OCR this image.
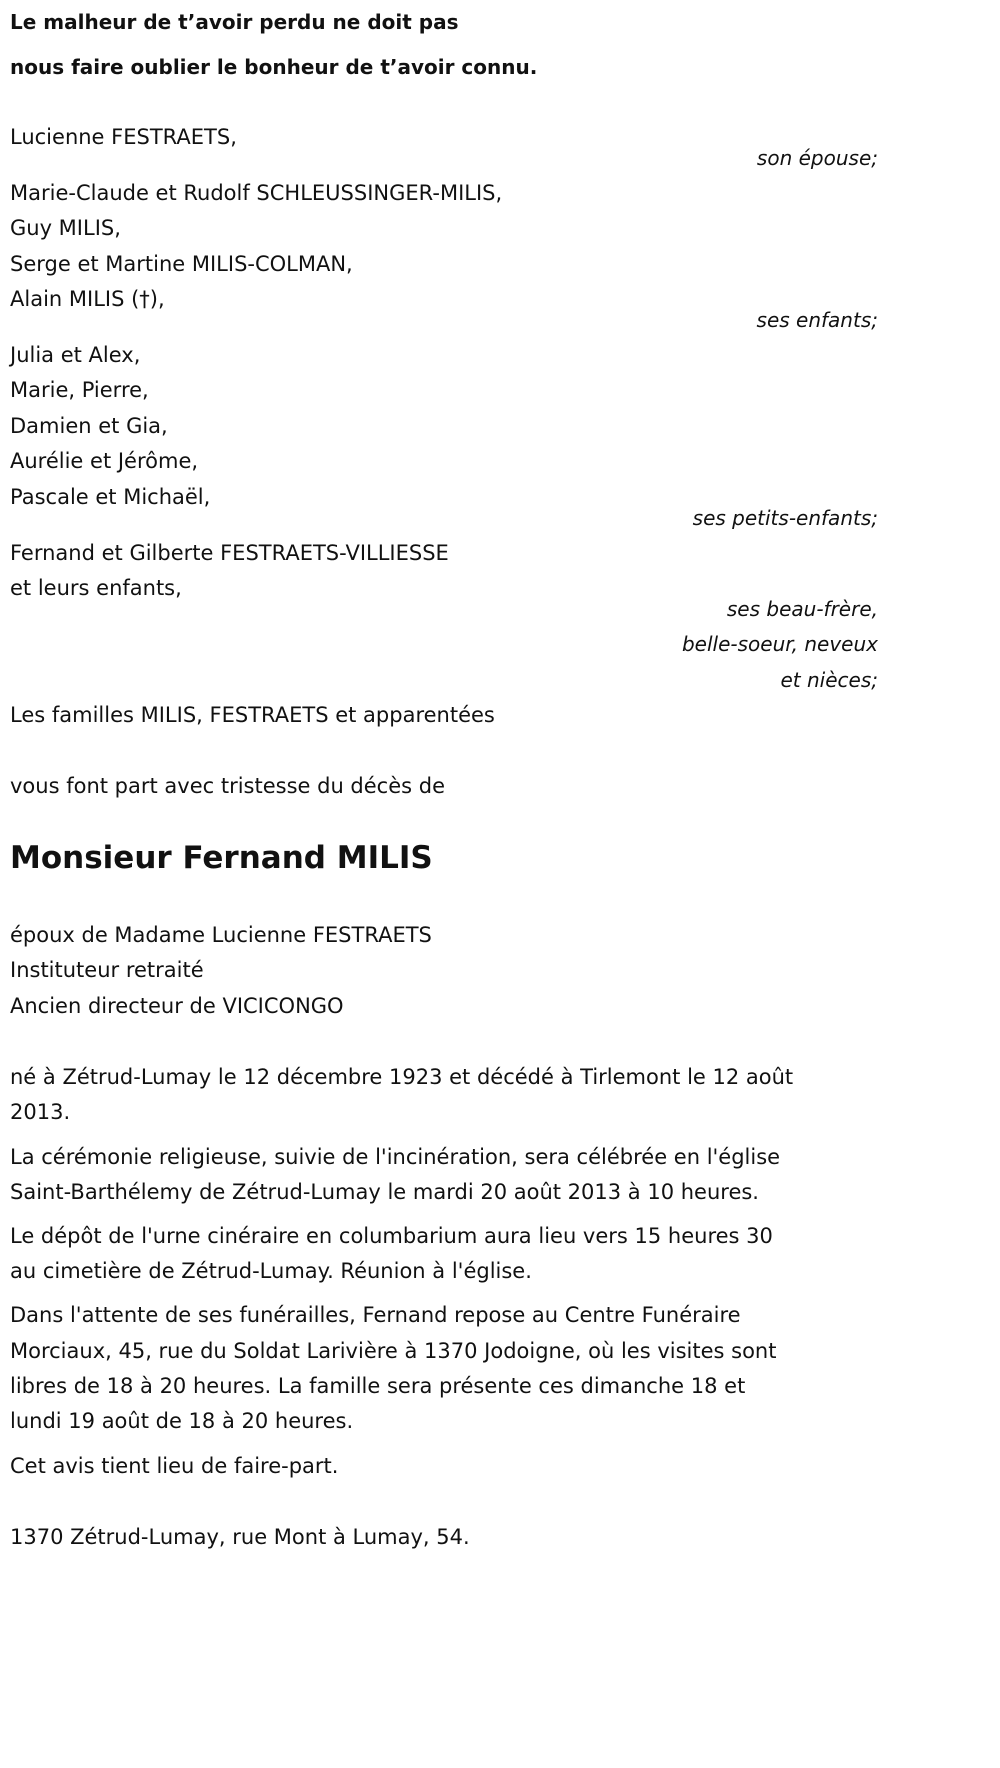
Le malheur de t’avoir perdu ne doit pas
nous faire oublier le bonheur de t’avoir connu.
Lucienne FESTRAETS,
son épouse;
Marie-Claude et Rudolf SCHLEUSSINGER-MILIS,
Guy MILIS,
Serge et Martine MILIS-COLMAN,
Alain MILIS (†),
ses enfants;
Julia et Alex,
Marie, Pierre,
Damien et Gia,
Aurélie et Jérôme,
Pascale et Michaël,
ses petits-enfants;
Fernand et Gilberte FESTRAETS-VILLIESSE
et leurs enfants,
ses beau-frère,
belle-soeur, neveux
et nièces;
Les familles MILIS, FESTRAETS et apparentées
vous font part avec tristesse du décès de
Monsieur Fernand MILIS
époux de Madame Lucienne FESTRAETS
Instituteur retraité
Ancien directeur de VICICONGO
né à Zétrud-Lumay le 12 décembre 1923 et décédé à Tirlemont le 12 août
2013.
La cérémonie religieuse, suivie de l'incinération, sera célébrée en l'église
Saint-Barthélemy de Zétrud-Lumay le mardi 20 août 2013 à 10 heures.
Le dépôt de l'urne cinéraire en columbarium aura lieu vers 15 heures 30
au cimetière de Zétrud-Lumay. Réunion à l'église.
Dans l'attente de ses funérailles, Fernand repose au Centre Funéraire
Morciaux, 45, rue du Soldat Larivière à 1370 Jodoigne, où les visites sont
libres de 18 à 20 heures. La famille sera présente ces dimanche 18 et
lundi 19 août de 18 à 20 heures.
Cet avis tient lieu de faire-part.
1370 Zétrud-Lumay, rue Mont à Lumay, 54.
